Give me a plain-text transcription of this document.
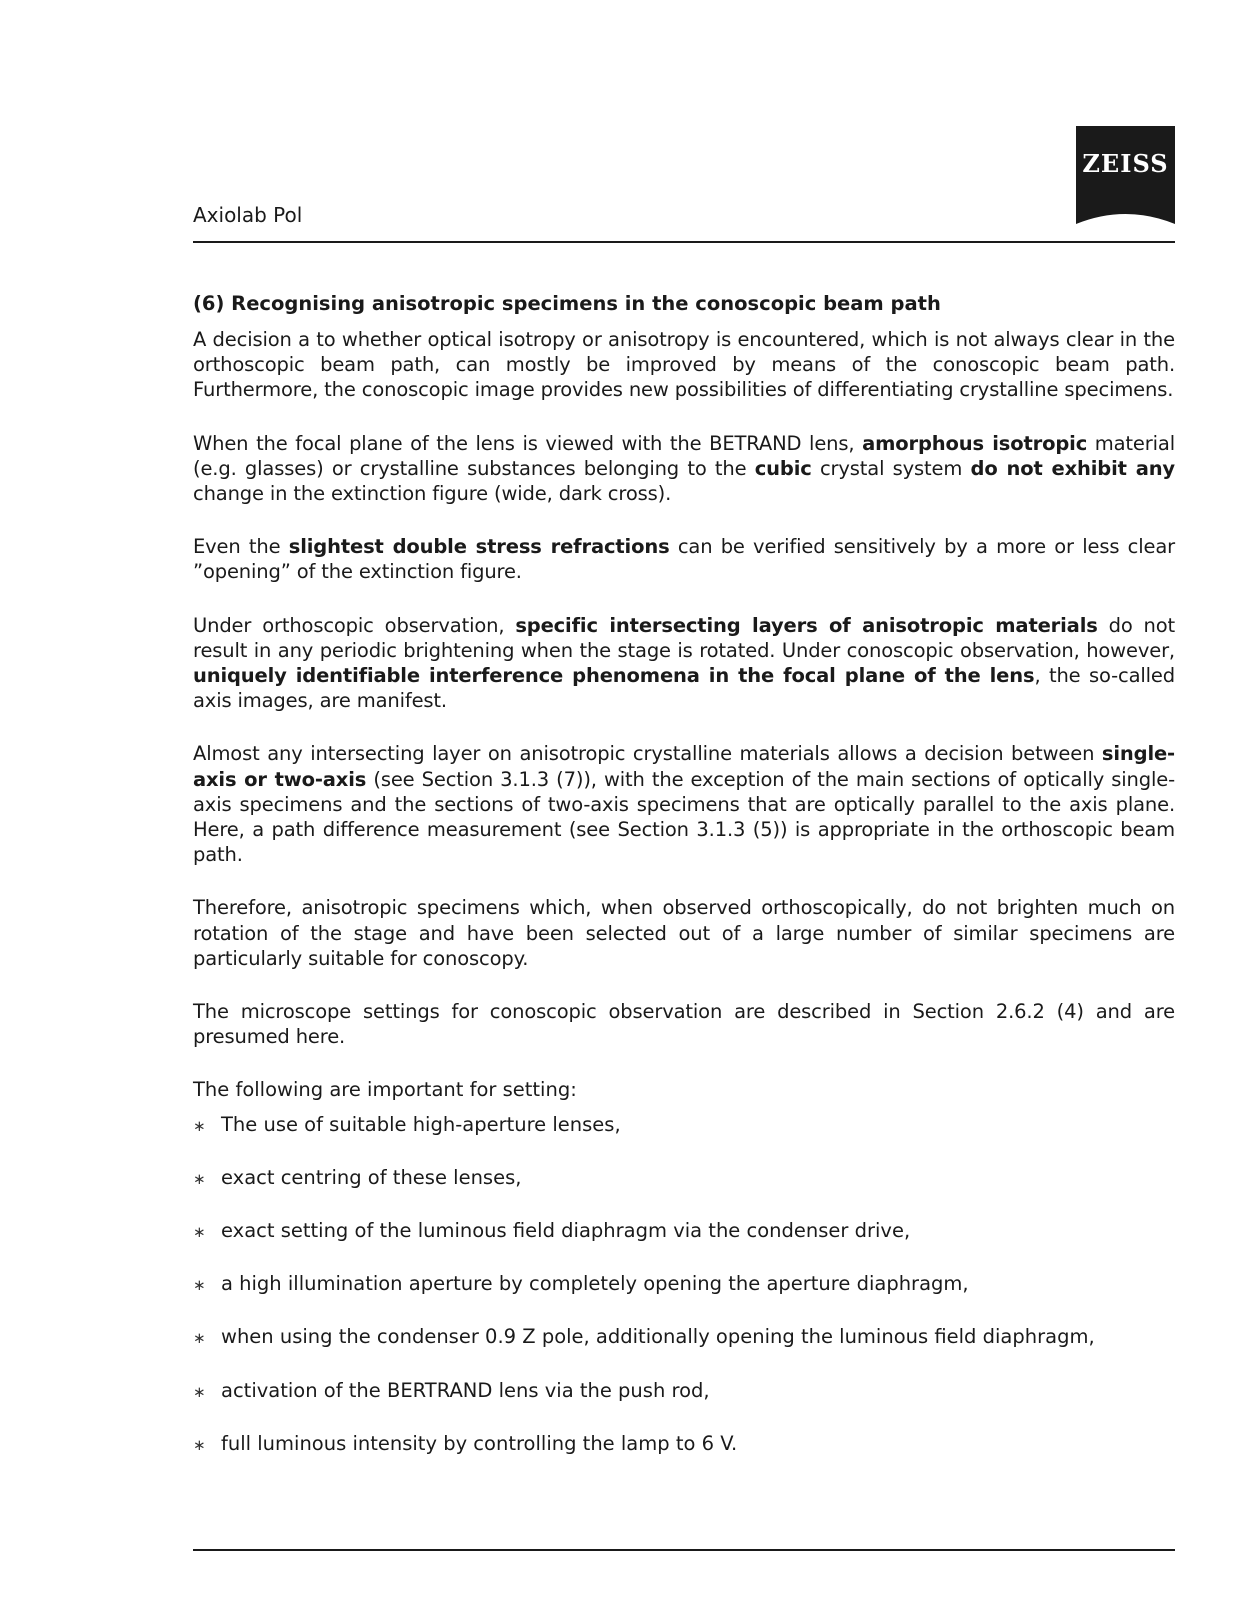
Axiolab Pol
ZEISS
(6) Recognising anisotropic specimens in the conoscopic beam path

A decision a to whether optical isotropy or anisotropy is encountered, which is not always clear in the orthoscopic beam path, can mostly be improved by means of the conoscopic beam path. Furthermore, the conoscopic image provides new possibilities of differentiating crystalline specimens.

When the focal plane of the lens is viewed with the BETRAND lens, amorphous isotropic material (e.g. glasses) or crystalline substances belonging to the cubic crystal system do not exhibit any change in the extinction figure (wide, dark cross).

Even the slightest double stress refractions can be verified sensitively by a more or less clear ”opening” of the extinction figure.

Under orthoscopic observation, specific intersecting layers of anisotropic materials do not result in any periodic brightening when the stage is rotated. Under conoscopic observation, however, uniquely identifiable interference phenomena in the focal plane of the lens, the so-called axis images, are manifest.

Almost any intersecting layer on anisotropic crystalline materials allows a decision between single-axis or two-axis (see Section 3.1.3 (7)), with the exception of the main sections of optically single-axis specimens and the sections of two-axis specimens that are optically parallel to the axis plane. Here, a path difference measurement (see Section 3.1.3 (5)) is appropriate in the orthoscopic beam path.

Therefore, anisotropic specimens which, when observed orthoscopically, do not brighten much on rotation of the stage and have been selected out of a large number of similar specimens are particularly suitable for conoscopy.

The microscope settings for conoscopic observation are described in Section 2.6.2 (4) and are presumed here.

The following are important for setting:

∗ The use of suitable high-aperture lenses,
∗ exact centring of these lenses,
∗ exact setting of the luminous field diaphragm via the condenser drive,
∗ a high illumination aperture by completely opening the aperture diaphragm,
∗ when using the condenser 0.9 Z pole, additionally opening the luminous field diaphragm,
∗ activation of the BERTRAND lens via the push rod,
∗ full luminous intensity by controlling the lamp to 6 V.
